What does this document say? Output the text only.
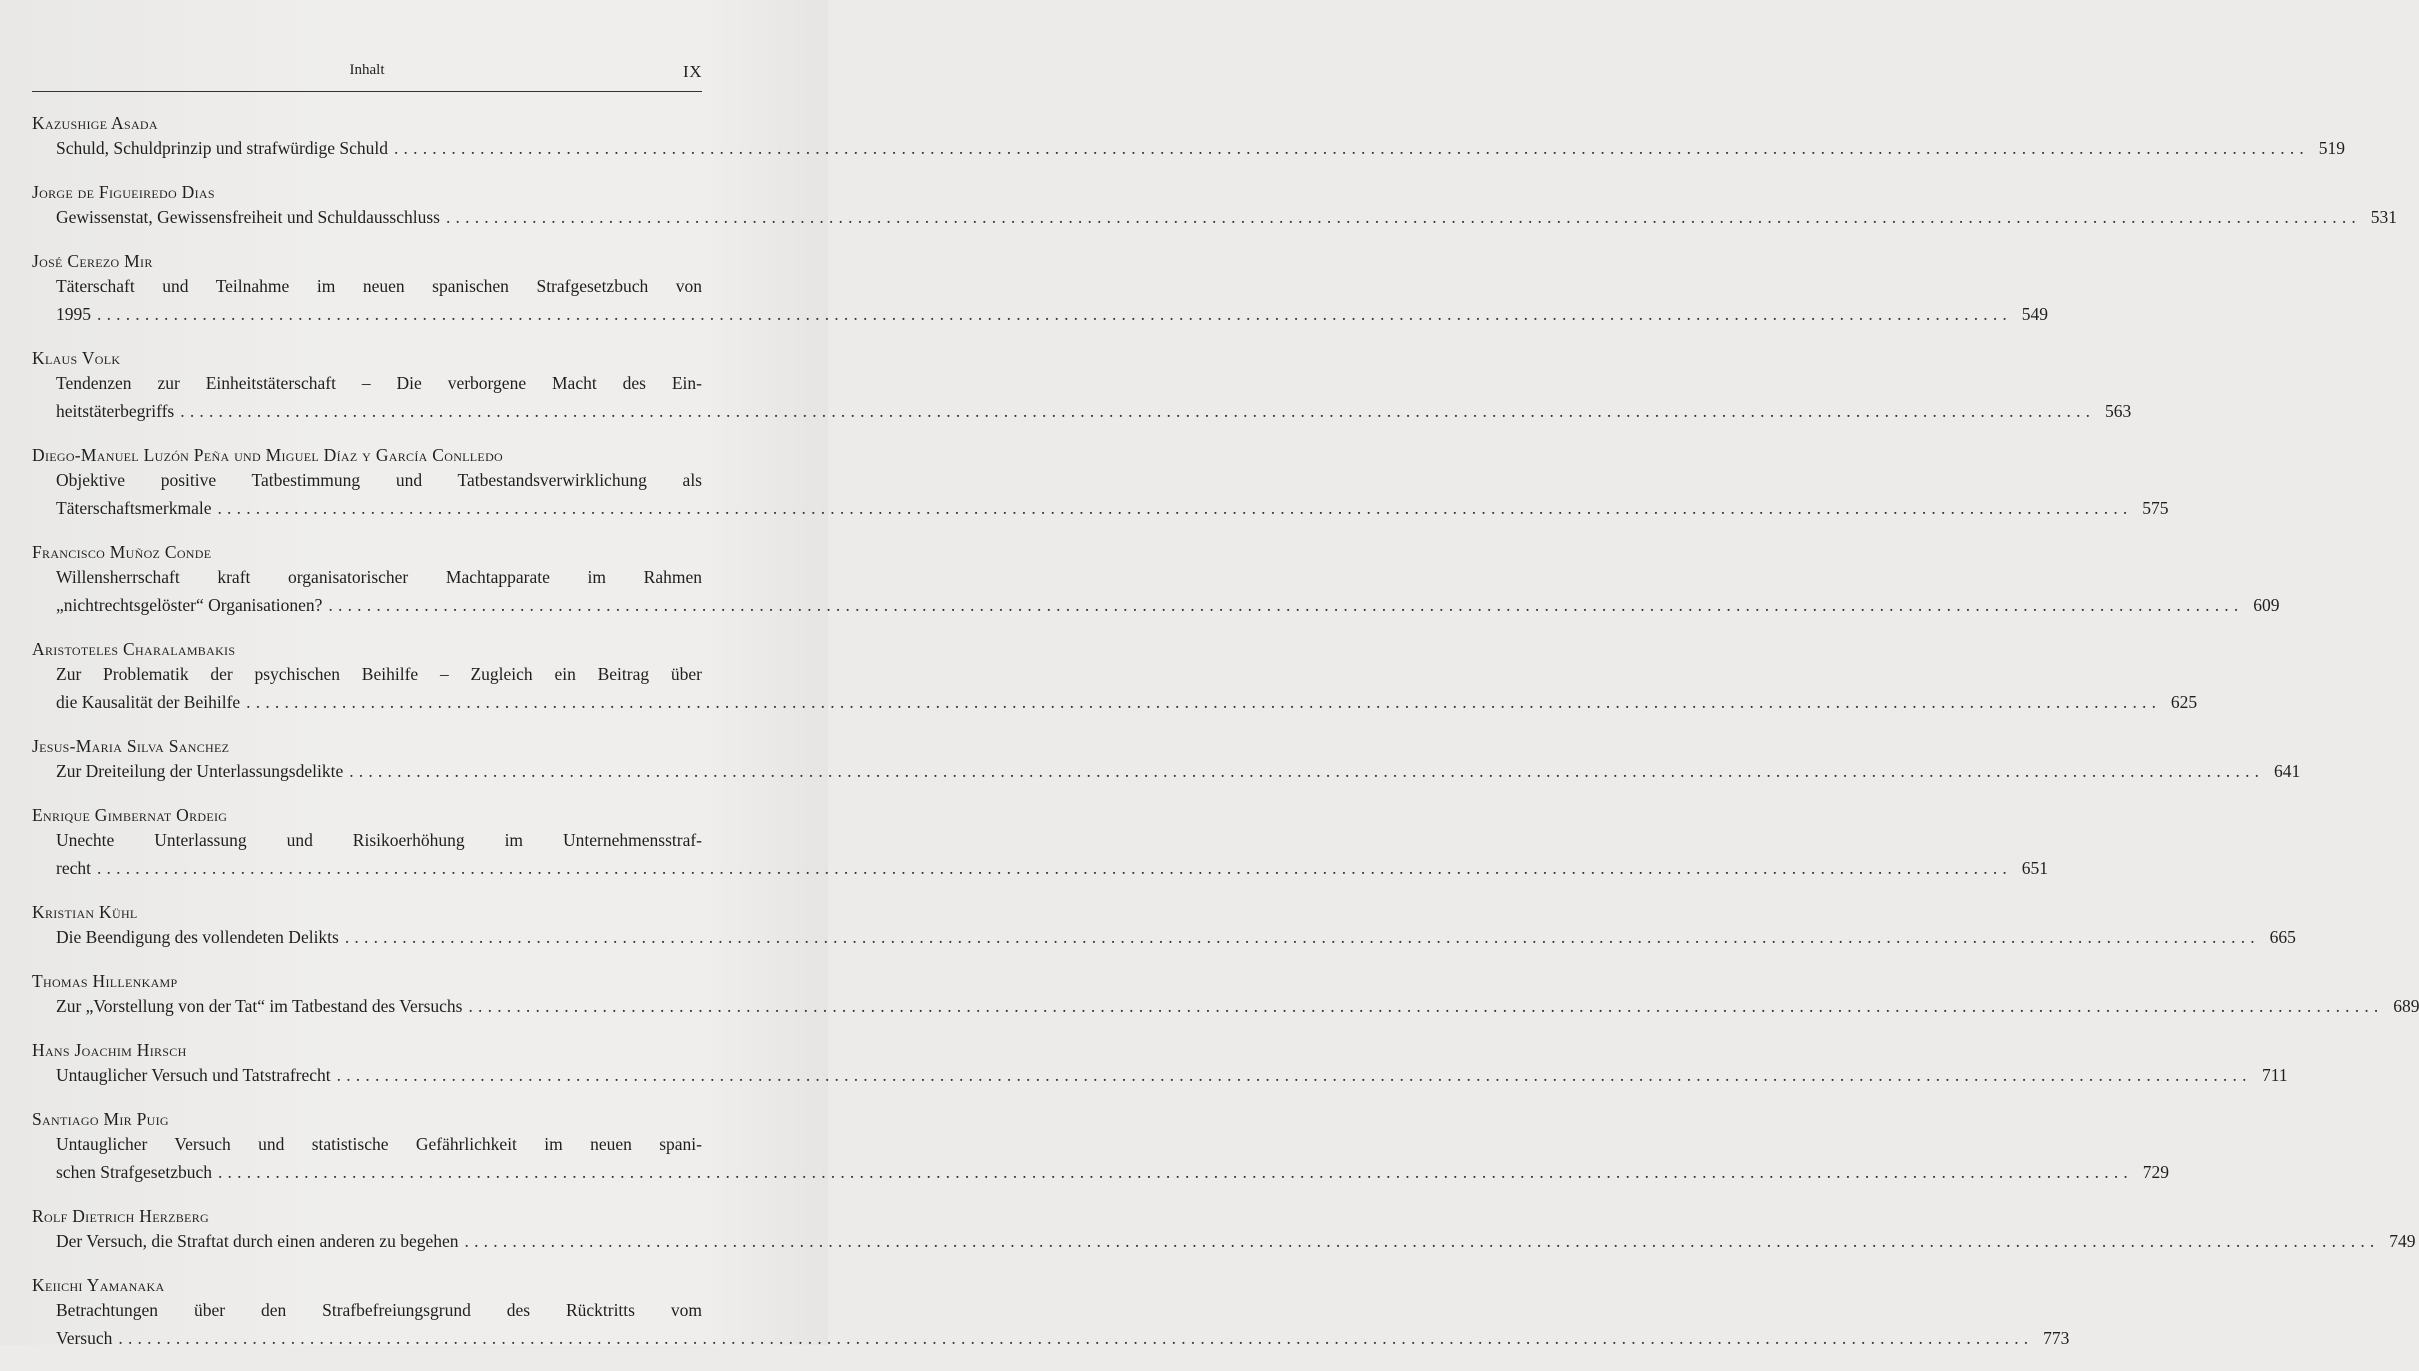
Inhalt	IX
Kazushige Asada
Schuld, Schuldprinzip und strafwürdige Schuld ........................................................................................................................................................................................................ 519
Jorge de Figueiredo Dias
Gewissenstat, Gewissensfreiheit und Schuldausschluss ........................................................................................................................................................................................................ 531
José Cerezo Mir
Täterschaft und Teilnahme im neuen spanischen Strafgesetzbuch von
1995 ........................................................................................................................................................................................................ 549
Klaus Volk
Tendenzen zur Einheitstäterschaft – Die verborgene Macht des Ein-
heitstäterbegriffs ........................................................................................................................................................................................................ 563
Diego-Manuel Luzón Peña und Miguel Díaz y García Conlledo
Objektive positive Tatbestimmung und Tatbestandsverwirklichung als
Täterschaftsmerkmale ........................................................................................................................................................................................................ 575
Francisco Muñoz Conde
Willensherrschaft kraft organisatorischer Machtapparate im Rahmen
„nichtrechtsgelöster“ Organisationen? ........................................................................................................................................................................................................ 609
Aristoteles Charalambakis
Zur Problematik der psychischen Beihilfe – Zugleich ein Beitrag über
die Kausalität der Beihilfe ........................................................................................................................................................................................................ 625
Jesus-Maria Silva Sanchez
Zur Dreiteilung der Unterlassungsdelikte ........................................................................................................................................................................................................ 641
Enrique Gimbernat Ordeig
Unechte Unterlassung und Risikoerhöhung im Unternehmensstraf-
recht ........................................................................................................................................................................................................ 651
Kristian Kühl
Die Beendigung des vollendeten Delikts ........................................................................................................................................................................................................ 665
Thomas Hillenkamp
Zur „Vorstellung von der Tat“ im Tatbestand des Versuchs ........................................................................................................................................................................................................ 689
Hans Joachim Hirsch
Untauglicher Versuch und Tatstrafrecht ........................................................................................................................................................................................................ 711
Santiago Mir Puig
Untauglicher Versuch und statistische Gefährlichkeit im neuen spani-
schen Strafgesetzbuch ........................................................................................................................................................................................................ 729
Rolf Dietrich Herzberg
Der Versuch, die Straftat durch einen anderen zu begehen ........................................................................................................................................................................................................ 749
Keiichi Yamanaka
Betrachtungen über den Strafbefreiungsgrund des Rücktritts vom
Versuch ........................................................................................................................................................................................................ 773
